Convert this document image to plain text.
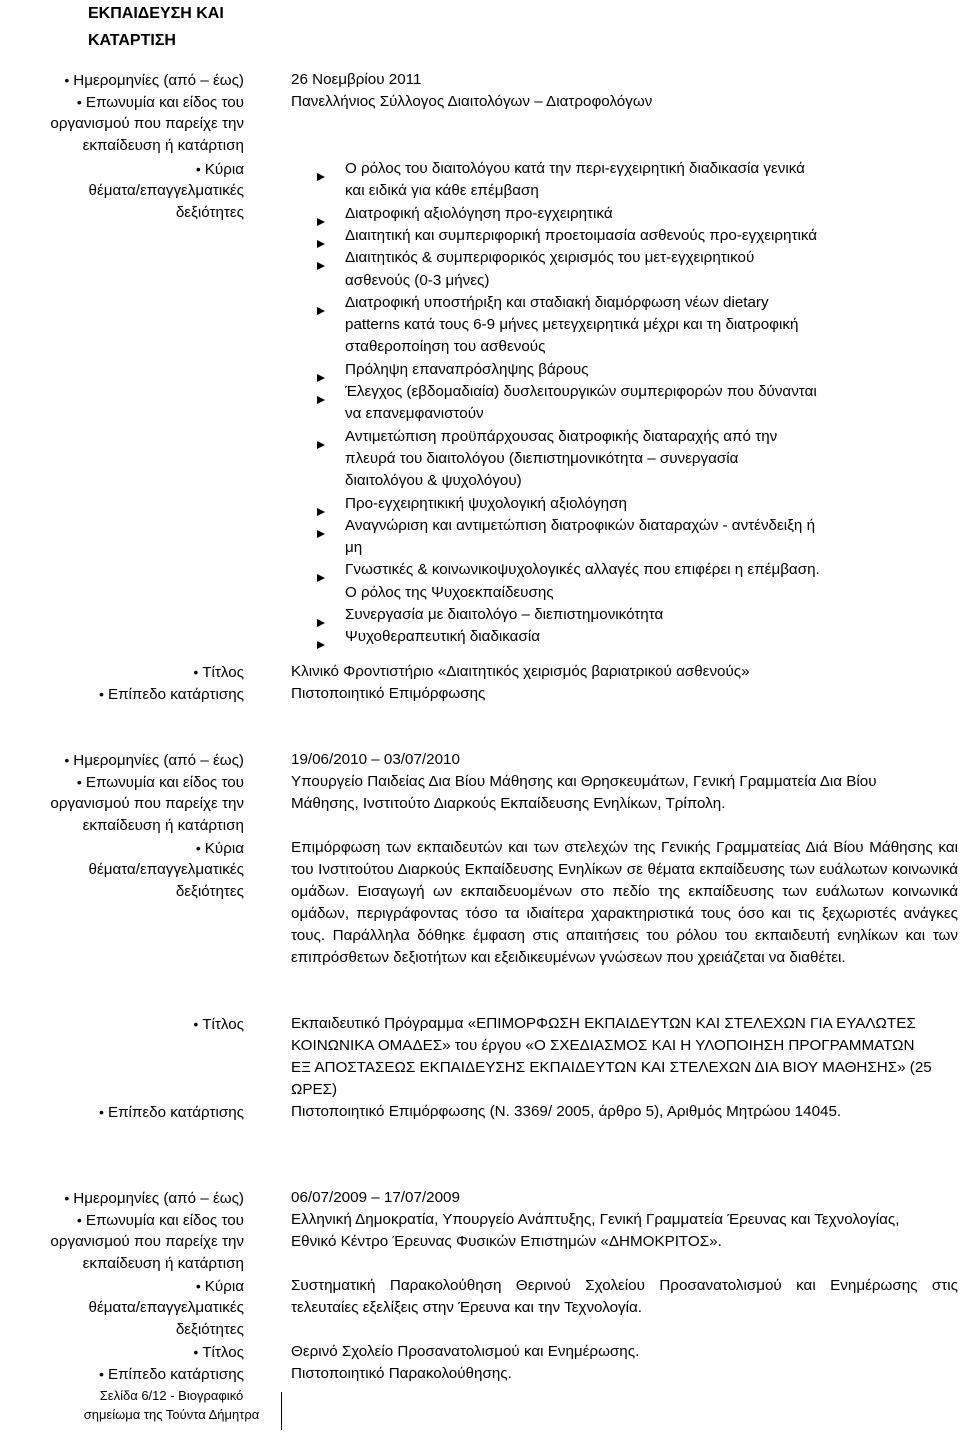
ΕΚΠΑΙΔΕΥΣΗ ΚΑΙ
ΚΑΤΑΡΤΙΣΗ
• Ημερομηνίες (από – έως)
• Επωνυμία και είδος του
οργανισμού που παρείχε την
εκπαίδευση ή κατάρτιση
• Κύρια
θέματα/επαγγελματικές
δεξιότητες
26 Νοεμβρίου 2011
Πανελλήνιος Σύλλογος Διαιτολόγων – Διατροφολόγων
Ο ρόλος του διαιτολόγου κατά την περι-εγχειρητική διαδικασία γενικά
και ειδικά για κάθε επέμβαση
Διατροφική αξιολόγηση προ-εγχειρητικά
Διαιτητική και συμπεριφορική προετοιμασία ασθενούς προ-εγχειρητικά
Διαιτητικός & συμπεριφορικός χειρισμός του μετ-εγχειρητικού
ασθενούς (0-3 μήνες)
Διατροφική υποστήριξη και σταδιακή διαμόρφωση νέων dietary
patterns κατά τους 6-9 μήνες μετεγχειρητικά μέχρι και τη διατροφική
σταθεροποίηση του ασθενούς
Πρόληψη επαναπρόσληψης βάρους
Έλεγχος (εβδομαδιαία) δυσλειτουργικών συμπεριφορών που δύνανται
να επανεμφανιστούν
Αντιμετώπιση προϋπάρχουσας διατροφικής διαταραχής από την
πλευρά του διαιτολόγου (διεπιστημονικότητα – συνεργασία
διαιτολόγου & ψυχολόγου)
Προ-εγχειρητικική ψυχολογική αξιολόγηση
Αναγνώριση και αντιμετώπιση διατροφικών διαταραχών - αντένδειξη ή
μη
Γνωστικές & κοινωνικοψυχολογικές αλλαγές που επιφέρει η επέμβαση.
Ο ρόλος της Ψυχοεκπαίδευσης
Συνεργασία με διαιτολόγο – διεπιστημονικότητα
Ψυχοθεραπευτική διαδικασία
• Τίτλος
• Επίπεδο κατάρτισης
Κλινικό Φροντιστήριο «Διαιτητικός χειρισμός βαριατρικού ασθενούς»
Πιστοποιητικό Επιμόρφωσης
• Ημερομηνίες (από – έως)
• Επωνυμία και είδος του
οργανισμού που παρείχε την
εκπαίδευση ή κατάρτιση
• Κύρια
θέματα/επαγγελματικές
δεξιότητες
• Τίτλος
• Επίπεδο κατάρτισης
19/06/2010 – 03/07/2010
Υπουργείο Παιδείας Δια Βίου Μάθησης και Θρησκευμάτων, Γενική Γραμματεία Δια Βίου Μάθησης, Ινστιτούτο Διαρκούς Εκπαίδευσης Ενηλίκων, Τρίπολη.
Επιμόρφωση των εκπαιδευτών και των στελεχών της Γενικής Γραμματείας Διά Βίου Μάθησης και του Ινστιτούτου Διαρκούς Εκπαίδευσης Ενηλίκων σε θέματα εκπαίδευσης των ευάλωτων κοινωνικά ομάδων. Εισαγωγή ων εκπαιδευομένων στο πεδίο της εκπαίδευσης των ευάλωτων κοινωνικά ομάδων, περιγράφοντας τόσο τα ιδιαίτερα χαρακτηριστικά τους όσο και τις ξεχωριστές ανάγκες τους. Παράλληλα δόθηκε έμφαση στις απαιτήσεις του ρόλου του εκπαιδευτή ενηλίκων και των επιπρόσθετων δεξιοτήτων και εξειδικευμένων γνώσεων που χρειάζεται να διαθέτει.
Εκπαιδευτικό Πρόγραμμα «ΕΠΙΜΟΡΦΩΣΗ ΕΚΠΑΙΔΕΥΤΩΝ ΚΑΙ ΣΤΕΛΕΧΩΝ ΓΙΑ ΕΥΑΛΩΤΕΣ ΚΟΙΝΩΝΙΚΑ ΟΜΑΔΕΣ» του έργου «Ο ΣΧΕΔΙΑΣΜΟΣ ΚΑΙ Η ΥΛΟΠΟΙΗΣΗ ΠΡΟΓΡΑΜΜΑΤΩΝ ΕΞ ΑΠΟΣΤΑΣΕΩΣ ΕΚΠΑΙΔΕΥΣΗΣ ΕΚΠΑΙΔΕΥΤΩΝ ΚΑΙ ΣΤΕΛΕΧΩΝ ΔΙΑ ΒΙΟΥ ΜΑΘΗΣΗΣ» (25 ΩΡΕΣ)
Πιστοποιητικό Επιμόρφωσης (Ν. 3369/ 2005, άρθρο 5), Αριθμός Μητρώου 14045.
• Ημερομηνίες (από – έως)
• Επωνυμία και είδος του
οργανισμού που παρείχε την
εκπαίδευση ή κατάρτιση
• Κύρια
θέματα/επαγγελματικές
δεξιότητες
• Τίτλος
• Επίπεδο κατάρτισης
06/07/2009 – 17/07/2009
Ελληνική Δημοκρατία, Υπουργείο Ανάπτυξης, Γενική Γραμματεία Έρευνας και Τεχνολογίας, Εθνικό Κέντρο Έρευνας Φυσικών Επιστημών «ΔΗΜΟΚΡΙΤΟΣ».
Συστηματική Παρακολούθηση Θερινού Σχολείου Προσανατολισμού και Ενημέρωσης στις τελευταίες εξελίξεις στην Έρευνα και την Τεχνολογία.
Θερινό Σχολείο Προσανατολισμού και Ενημέρωσης.
Πιστοποιητικό Παρακολούθησης.
Σελίδα 6/12 - Βιογραφικό
σημείωμα της Τούντα Δήμητρα
